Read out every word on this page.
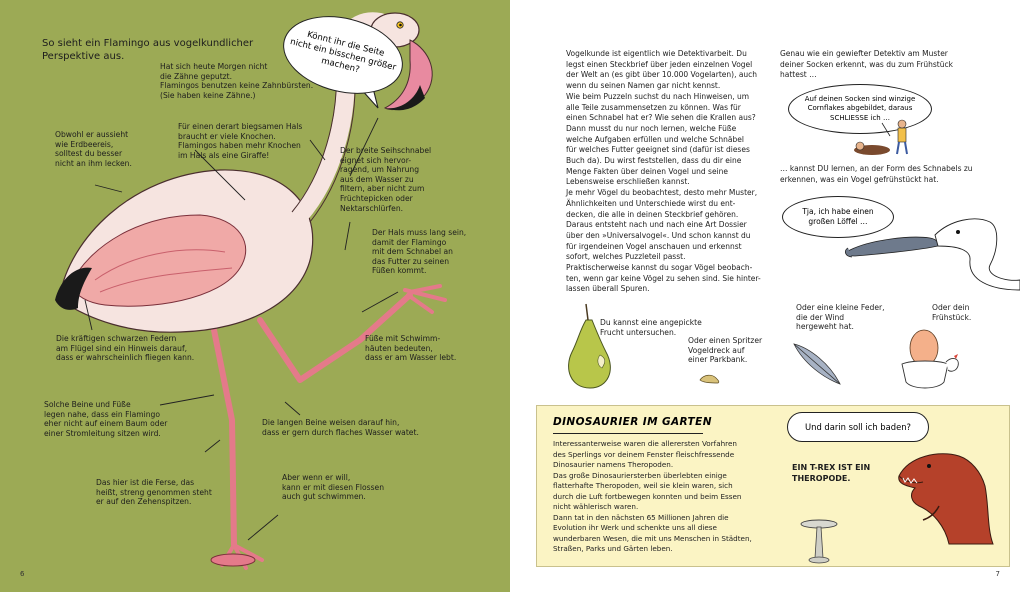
So sieht ein Flamingo aus vogelkundlicher
Perspektive aus.	Könnt ihr die Seite
nicht ein bisschen größer
machen?
Hat sich heute Morgen nicht
die Zähne geputzt.
Flamingos benutzen keine Zahnbürsten.
(Sie haben keine Zähne.)
Obwohl er aussieht
wie Erdbeereis,
solltest du besser
nicht an ihm lecken.
Für einen derart biegsamen Hals
braucht er viele Knochen.
Flamingos haben mehr Knochen
im Hals als eine Giraffe!
Der breite Seihschnabel
eignet sich hervor-
ragend, um Nahrung
aus dem Wasser zu
filtern, aber nicht zum
Früchtepicken oder
Nektarschlürfen.
Der Hals muss lang sein,
damit der Flamingo
mit dem Schnabel an
das Futter zu seinen
Füßen kommt.
Die kräftigen schwarzen Federn
am Flügel sind ein Hinweis darauf,
dass er wahrscheinlich fliegen kann.
Füße mit Schwimm-
häuten bedeuten,
dass er am Wasser lebt.
Solche Beine und Füße
legen nahe, dass ein Flamingo
eher nicht auf einem Baum oder
einer Stromleitung sitzen wird.
Die langen Beine weisen darauf hin,
dass er gern durch flaches Wasser watet.
Das hier ist die Ferse, das
heißt, streng genommen steht
er auf den Zehenspitzen.
Aber wenn er will,
kann er mit diesen Flossen
auch gut schwimmen.
6
Vogelkunde ist eigentlich wie Detektivarbeit. Du
legst einen Steckbrief über jeden einzelnen Vogel
der Welt an (es gibt über 10.000 Vogelarten), auch
wenn du seinen Namen gar nicht kennst.
Wie beim Puzzeln suchst du nach Hinweisen, um
alle Teile zusammensetzen zu können. Was für
einen Schnabel hat er? Wie sehen die Krallen aus?
Dann musst du nur noch lernen, welche Füße
welche Aufgaben erfüllen und welche Schnäbel
für welches Futter geeignet sind (dafür ist dieses
Buch da). Du wirst feststellen, dass du dir eine
Menge Fakten über deinen Vogel und seine
Lebensweise erschließen kannst.
Je mehr Vögel du beobachtest, desto mehr Muster,
Ähnlichkeiten und Unterschiede wirst du ent-
decken, die alle in deinen Steckbrief gehören.
Daraus entsteht nach und nach eine Art Dossier
über den »Universalvogel«. Und schon kannst du
für irgendeinen Vogel anschauen und erkennst
sofort, welches Puzzleteil passt.
Praktischerweise kannst du sogar Vögel beobach-
ten, wenn gar keine Vögel zu sehen sind. Sie hinter-
lassen überall Spuren.
Genau wie ein gewiefter Detektiv am Muster
deiner Socken erkennt, was du zum Frühstück
hattest …
Auf deinen Socken sind winzige
Cornflakes abgebildet, daraus
SCHLIESSE ich …
… kannst DU lernen, an der Form des Schnabels zu
erkennen, was ein Vogel gefrühstückt hat.
Tja, ich habe einen
großen Löffel …
Du kannst eine angepickte
Frucht untersuchen.
Oder einen Spritzer
Vogeldreck auf
einer Parkbank.
Oder eine kleine Feder,
die der Wind
hergeweht hat.
Oder dein
Frühstück.
7
DINOSAURIER IM GARTEN
Interessanterweise waren die allerersten Vorfahren
des Sperlings vor deinem Fenster fleischfressende
Dinosaurier namens Theropoden.
Das große Dinosauriersterben überlebten einige
flatterhafte Theropoden, weil sie klein waren, sich
durch die Luft fortbewegen konnten und beim Essen
nicht wählerisch waren.
Dann tat in den nächsten 65 Millionen Jahren die
Evolution ihr Werk und schenkte uns all diese
wunderbaren Wesen, die mit uns Menschen in Städten,
Straßen, Parks und Gärten leben.
Und darin soll ich baden?
EIN T-REX IST EIN
THEROPODE.
